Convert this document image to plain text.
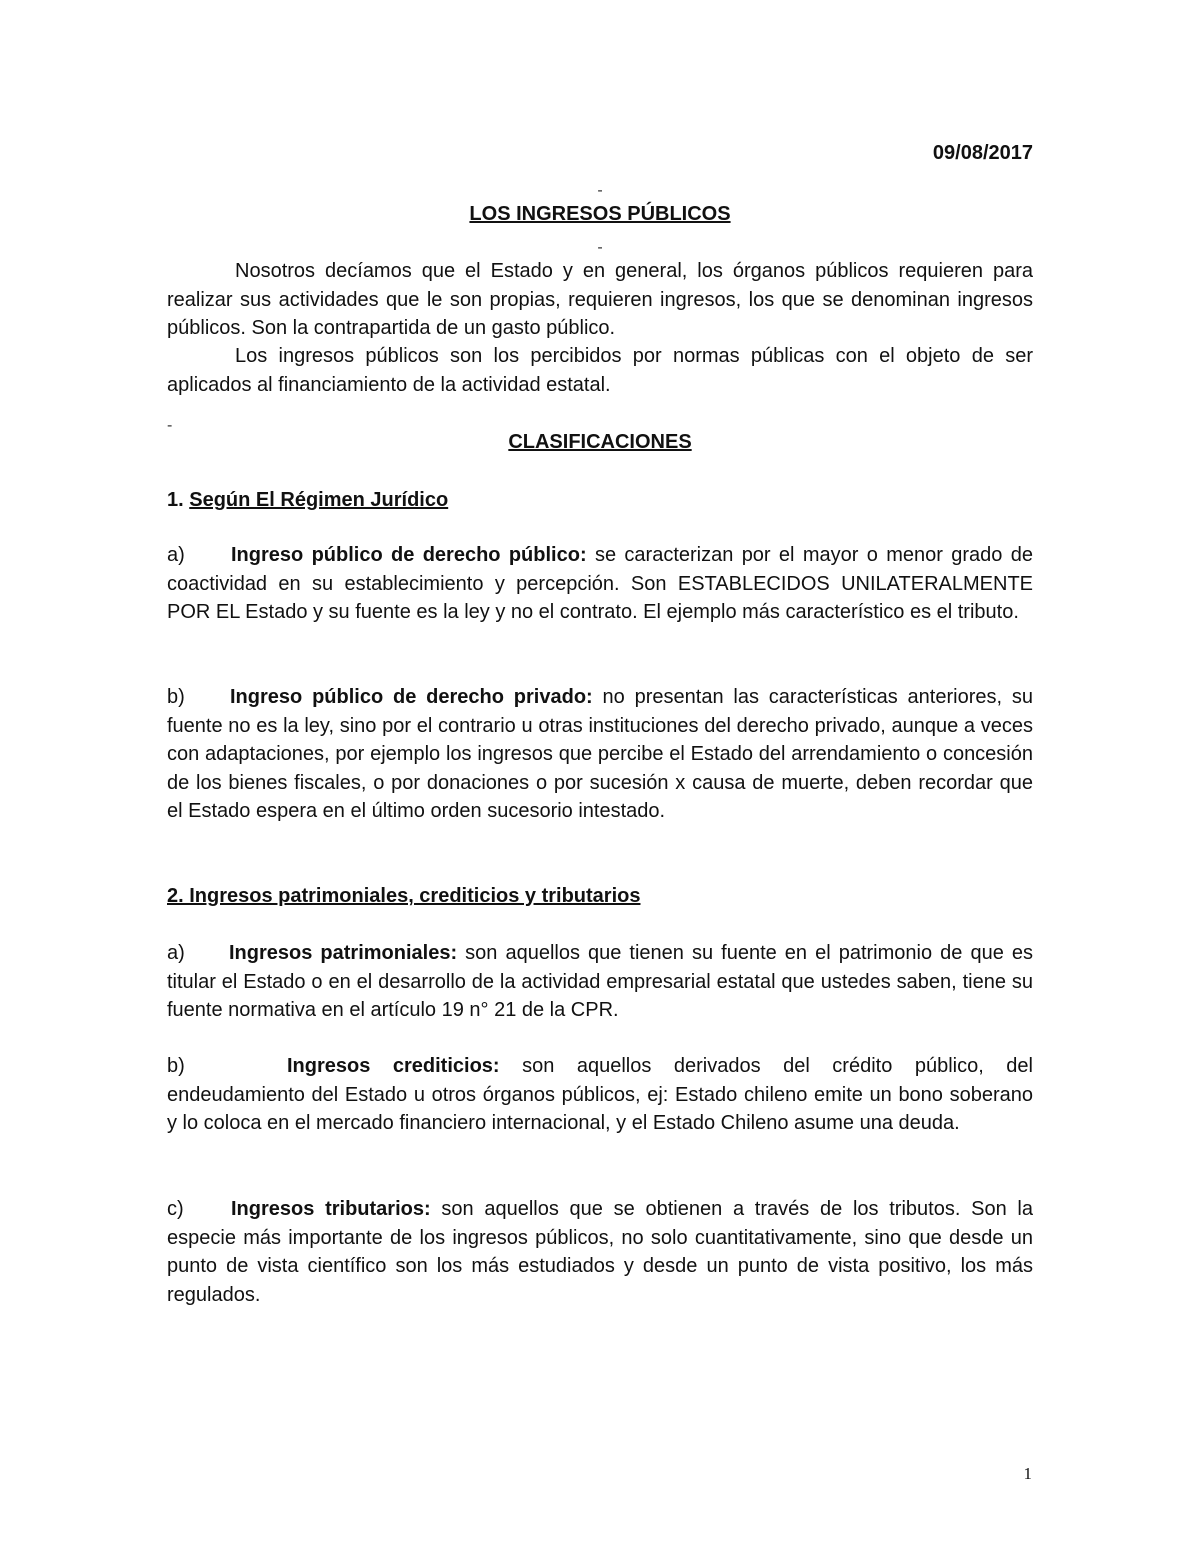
09/08/2017

-

LOS INGRESOS PÚBLICOS

-

Nosotros decíamos que el Estado y en general, los órganos públicos requieren para realizar sus actividades que le son propias, requieren ingresos, los que se denominan ingresos públicos. Son la contrapartida de un gasto público.

Los ingresos públicos son los percibidos por normas públicas con el objeto de ser aplicados al financiamiento de la actividad estatal.

-

CLASIFICACIONES

1. Según El Régimen Jurídico

a) Ingreso público de derecho público: se caracterizan por el mayor o menor grado de coactividad en su establecimiento y percepción. Son ESTABLECIDOS UNILATERALMENTE POR EL Estado y su fuente es la ley y no el contrato. El ejemplo más característico es el tributo.

b) Ingreso público de derecho privado: no presentan las características anteriores, su fuente no es la ley, sino por el contrario u otras instituciones del derecho privado, aunque a veces con adaptaciones, por ejemplo los ingresos que percibe el Estado del arrendamiento o concesión de los bienes fiscales, o por donaciones o por sucesión x causa de muerte, deben recordar que el Estado espera en el último orden sucesorio intestado.

2. Ingresos patrimoniales, crediticios y tributarios

a) Ingresos patrimoniales: son aquellos que tienen su fuente en el patrimonio de que es titular el Estado o en el desarrollo de la actividad empresarial estatal que ustedes saben, tiene su fuente normativa en el artículo 19 n° 21 de la CPR.

b)	Ingresos crediticios: son aquellos derivados del crédito público, del endeudamiento del Estado u otros órganos públicos, ej: Estado chileno emite un bono soberano y lo coloca en el mercado financiero internacional, y el Estado Chileno asume una deuda.

c) Ingresos tributarios: son aquellos que se obtienen a través de los tributos. Son la especie más importante de los ingresos públicos, no solo cuantitativamente, sino que desde un punto de vista científico son los más estudiados y desde un punto de vista positivo, los más regulados.

1
